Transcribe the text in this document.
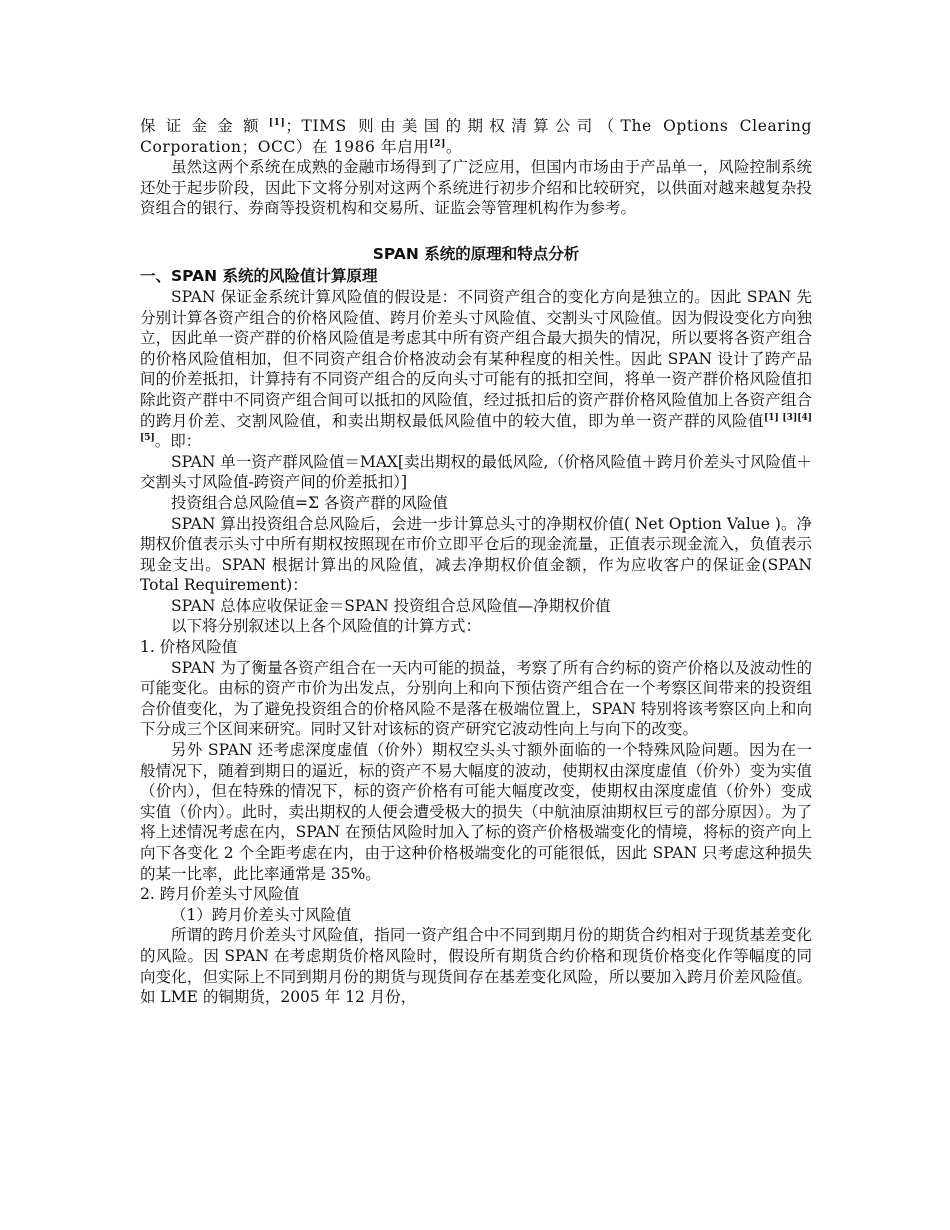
保证金金额[1]；TIMS 则由美国的期权清算公司（The Options Clearing Corporation；OCC）在 1986 年启用[2]。

虽然这两个系统在成熟的金融市场得到了广泛应用，但国内市场由于产品单一，风险控制系统还处于起步阶段，因此下文将分别对这两个系统进行初步介绍和比较研究，以供面对越来越复杂投资组合的银行、券商等投资机构和交易所、证监会等管理机构作为参考。

SPAN 系统的原理和特点分析

一、SPAN 系统的风险值计算原理

SPAN 保证金系统计算风险值的假设是：不同资产组合的变化方向是独立的。因此 SPAN 先分别计算各资产组合的价格风险值、跨月价差头寸风险值、交割头寸风险值。因为假设变化方向独立，因此单一资产群的价格风险值是考虑其中所有资产组合最大损失的情况，所以要将各资产组合的价格风险值相加，但不同资产组合价格波动会有某种程度的相关性。因此 SPAN 设计了跨产品间的价差抵扣，计算持有不同资产组合的反向头寸可能有的抵扣空间，将单一资产群价格风险值扣除此资产群中不同资产组合间可以抵扣的风险值，经过抵扣后的资产群价格风险值加上各资产组合的跨月价差、交割风险值，和卖出期权最低风险值中的较大值，即为单一资产群的风险值[1] [3][4] [5]。即：

SPAN 单一资产群风险值＝MAX[卖出期权的最低风险,（价格风险值＋跨月价差头寸风险值＋交割头寸风险值-跨资产间的价差抵扣）]

投资组合总风险值=Σ 各资产群的风险值

SPAN 算出投资组合总风险后，会进一步计算总头寸的净期权价值( Net Option Value )。净期权价值表示头寸中所有期权按照现在市价立即平仓后的现金流量，正值表示现金流入，负值表示现金支出。SPAN 根据计算出的风险值，减去净期权价值金额，作为应收客户的保证金(SPAN Total Requirement)：

SPAN 总体应收保证金＝SPAN 投资组合总风险值—净期权价值

以下将分别叙述以上各个风险值的计算方式：

1. 价格风险值

SPAN 为了衡量各资产组合在一天内可能的损益，考察了所有合约标的资产价格以及波动性的可能变化。由标的资产市价为出发点，分别向上和向下预估资产组合在一个考察区间带来的投资组合价值变化，为了避免投资组合的价格风险不是落在极端位置上，SPAN 特别将该考察区向上和向下分成三个区间来研究。同时又针对该标的资产研究它波动性向上与向下的改变。

另外 SPAN 还考虑深度虚值（价外）期权空头头寸额外面临的一个特殊风险问题。因为在一般情况下，随着到期日的逼近，标的资产不易大幅度的波动，使期权由深度虚值（价外）变为实值（价内），但在特殊的情况下，标的资产价格有可能大幅度改变，使期权由深度虚值（价外）变成实值（价内）。此时，卖出期权的人便会遭受极大的损失（中航油原油期权巨亏的部分原因）。为了将上述情况考虑在内，SPAN 在预估风险时加入了标的资产价格极端变化的情境，将标的资产向上向下各变化 2 个全距考虑在内，由于这种价格极端变化的可能很低，因此 SPAN 只考虑这种损失的某一比率，此比率通常是 35%。

2. 跨月价差头寸风险值

（1）跨月价差头寸风险值

所谓的跨月价差头寸风险值，指同一资产组合中不同到期月份的期货合约相对于现货基差变化的风险。因 SPAN 在考虑期货价格风险时，假设所有期货合约价格和现货价格变化作等幅度的同向变化，但实际上不同到期月份的期货与现货间存在基差变化风险，所以要加入跨月价差风险值。如 LME 的铜期货，2005 年 12 月份，
